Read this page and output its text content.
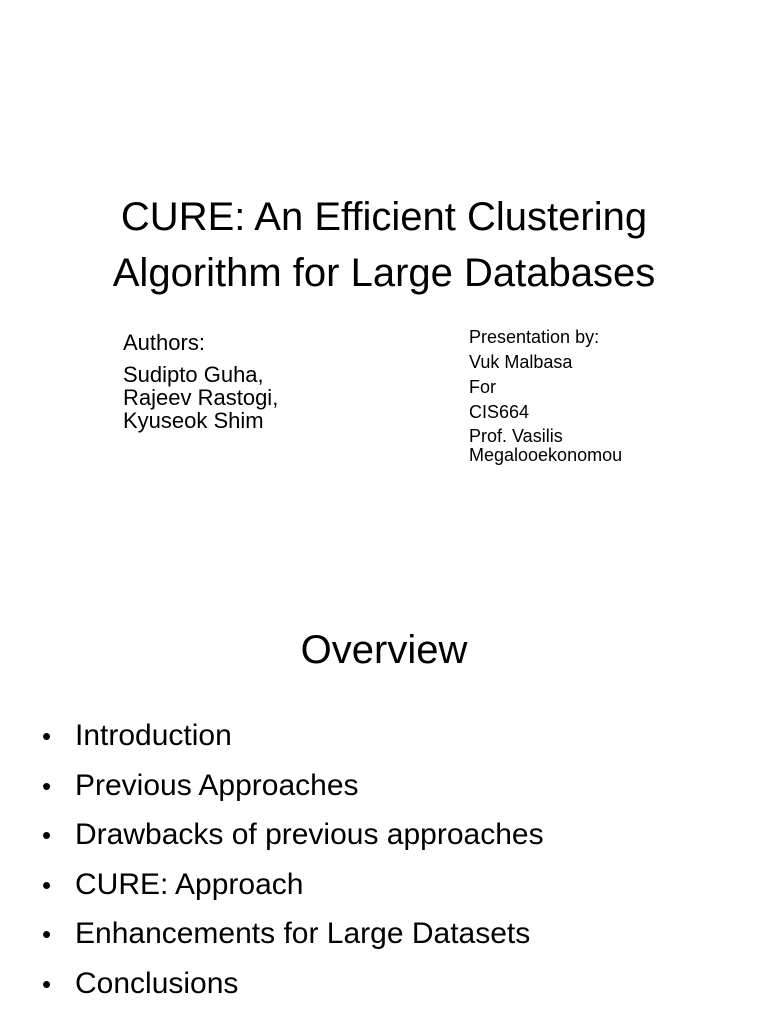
CURE: An Efficient Clustering
Algorithm for Large Databases
Authors:
Sudipto Guha,
Rajeev Rastogi,
Kyuseok Shim
Presentation by:
Vuk Malbasa
For
CIS664
Prof. Vasilis
Megalooekonomou
Overview
• Introduction
• Previous Approaches
• Drawbacks of previous approaches
• CURE: Approach
• Enhancements for Large Datasets
• Conclusions
